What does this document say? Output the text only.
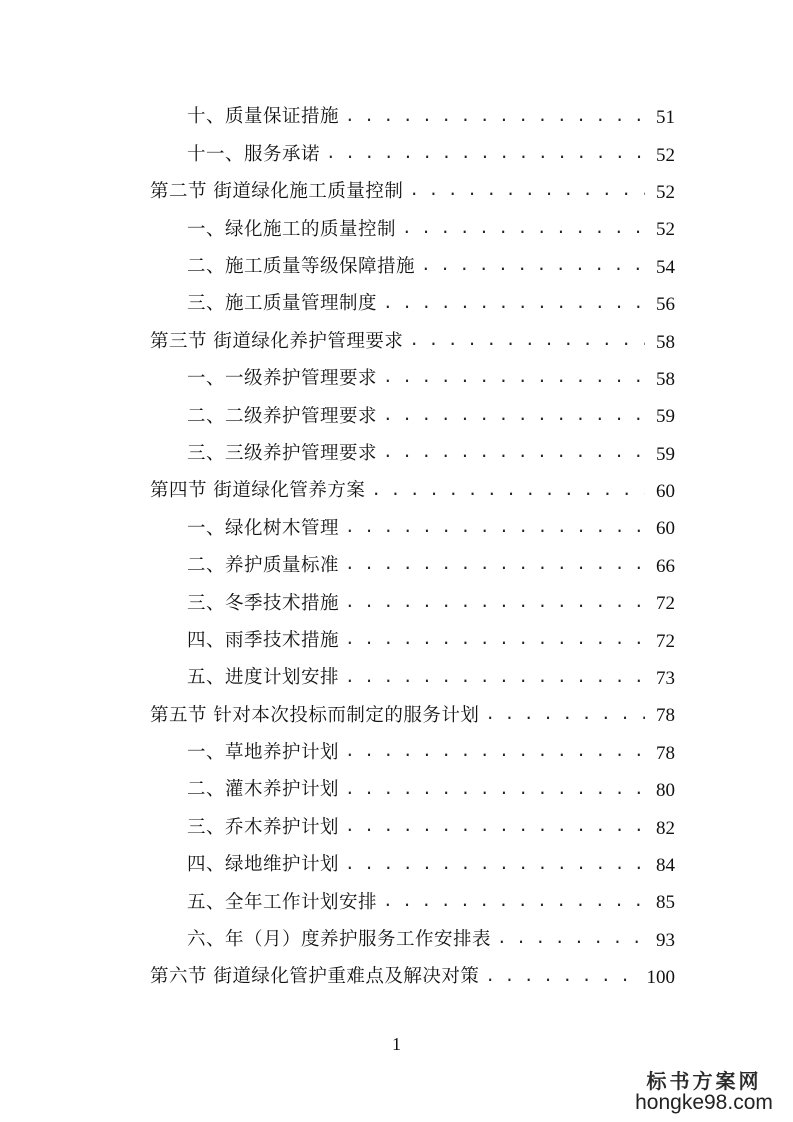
十、质量保证措施 . . .	51
十一、服务承诺 . . .	52
第二节 街道绿化施工质量控制 . . .	52
一、绿化施工的质量控制 . . .	52
二、施工质量等级保障措施 . . .	54
三、施工质量管理制度 . . .	56
第三节 街道绿化养护管理要求 . . .	58
一、一级养护管理要求 . . .	58
二、二级养护管理要求 . . .	59
三、三级养护管理要求 . . .	59
第四节 街道绿化管养方案 . . .	60
一、绿化树木管理 . . .	60
二、养护质量标准 . . .	66
三、冬季技术措施 . . .	72
四、雨季技术措施 . . .	72
五、进度计划安排 . . .	73
第五节 针对本次投标而制定的服务计划 . . .	78
一、草地养护计划 . . .	78
二、灌木养护计划 . . .	80
三、乔木养护计划 . . .	82
四、绿地维护计划 . . .	84
五、全年工作计划安排 . . .	85
六、年（月）度养护服务工作安排表 . . .	93
第六节 街道绿化管护重难点及解决对策 . . .	100
1
标书方案网
hongke98.com
